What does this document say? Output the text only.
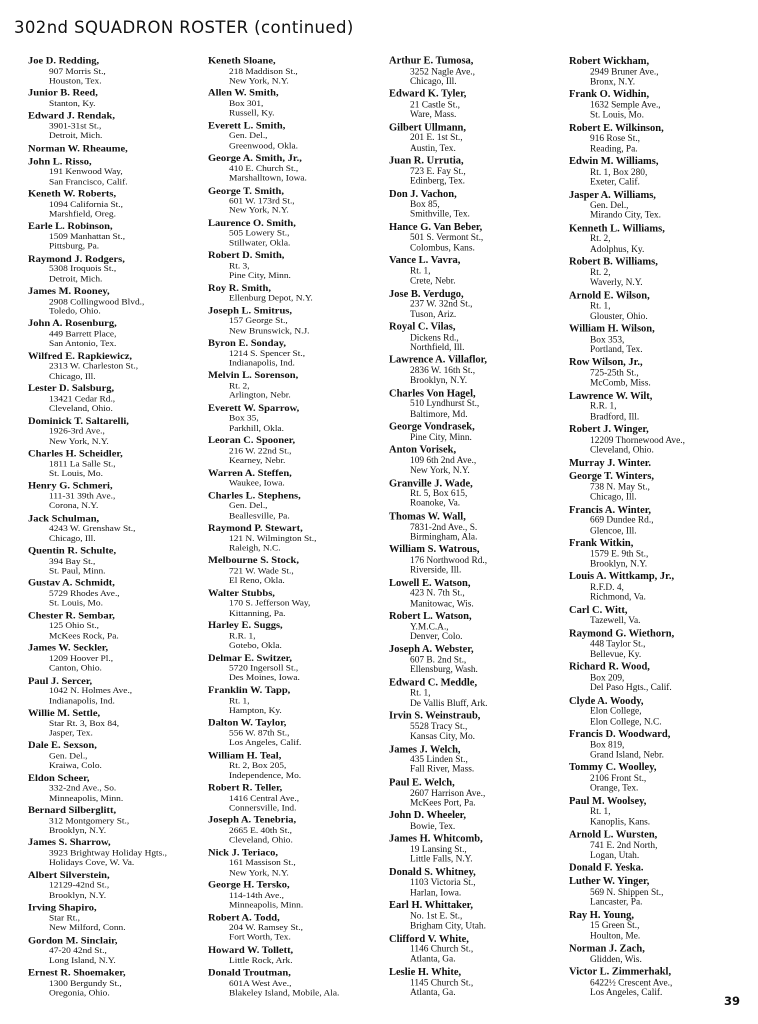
302nd SQUADRON ROSTER (continued)
Joe D. Redding,
907 Morris St.,
Houston, Tex.
Junior B. Reed,
Stanton, Ky.
Edward J. Rendak,
3901-31st St.,
Detroit, Mich.
Norman W. Rheaume,
John L. Risso,
191 Kenwood Way,
San Francisco, Calif.
Keneth W. Roberts,
1094 California St.,
Marshfield, Oreg.
Earle L. Robinson,
1509 Manhattan St.,
Pittsburg, Pa.
Raymond J. Rodgers,
5308 Iroquois St.,
Detroit, Mich.
James M. Rooney,
2908 Collingwood Blvd.,
Toledo, Ohio.
John A. Rosenburg,
449 Barrett Place,
San Antonio, Tex.
Wilfred E. Rapkiewicz,
2313 W. Charleston St.,
Chicago, Ill.
Lester D. Salsburg,
13421 Cedar Rd.,
Cleveland, Ohio.
Dominick T. Saltarelli,
1926-3rd Ave.,
New York, N.Y.
Charles H. Scheidler,
1811 La Salle St.,
St. Louis, Mo.
Henry G. Schmeri,
111-31 39th Ave.,
Corona, N.Y.
Jack Schulman,
4243 W. Grenshaw St.,
Chicago, Ill.
Quentin R. Schulte,
394 Bay St.,
St. Paul, Minn.
Gustav A. Schmidt,
5729 Rhodes Ave.,
St. Louis, Mo.
Chester R. Sembar,
125 Ohio St.,
McKees Rock, Pa.
James W. Seckler,
1209 Hoover Pl.,
Canton, Ohio.
Paul J. Sercer,
1042 N. Holmes Ave.,
Indianapolis, Ind.
Willie M. Settle,
Star Rt. 3, Box 84,
Jasper, Tex.
Dale E. Sexson,
Gen. Del.,
Kraiwa, Colo.
Eldon Scheer,
332-2nd Ave., So.
Minneapolis, Minn.
Bernard Silberglitt,
312 Montgomery St.,
Brooklyn, N.Y.
James S. Sharrow,
3923 Brightway Holiday Hgts.,
Holidays Cove, W. Va.
Albert Silverstein,
12129-42nd St.,
Brooklyn, N.Y.
Irving Shapiro,
Star Rt.,
New Milford, Conn.
Gordon M. Sinclair,
47-20 42nd St.,
Long Island, N.Y.
Ernest R. Shoemaker,
1300 Bergundy St.,
Oregonia, Ohio.
Keneth Sloane,
218 Maddison St.,
New York, N.Y.
Allen W. Smith,
Box 301,
Russell, Ky.
Everett L. Smith,
Gen. Del.,
Greenwood, Okla.
George A. Smith, Jr.,
410 E. Church St.,
Marshalltown, Iowa.
George T. Smith,
601 W. 173rd St.,
New York, N.Y.
Laurence O. Smith,
505 Lowery St.,
Stillwater, Okla.
Robert D. Smith,
Rt. 3,
Pine City, Minn.
Roy R. Smith,
Ellenburg Depot, N.Y.
Joseph L. Smitrus,
157 George St.,
New Brunswick, N.J.
Byron E. Sonday,
1214 S. Spencer St.,
Indianapolis, Ind.
Melvin L. Sorenson,
Rt. 2,
Arlington, Nebr.
Everett W. Sparrow,
Box 35,
Parkhill, Okla.
Leoran C. Spooner,
216 W. 22nd St.,
Kearney, Nebr.
Warren A. Steffen,
Waukee, Iowa.
Charles L. Stephens,
Gen. Del.,
Beallesville, Pa.
Raymond P. Stewart,
121 N. Wilmington St.,
Raleigh, N.C.
Melbourne S. Stock,
721 W. Wade St.,
El Reno, Okla.
Walter Stubbs,
170 S. Jefferson Way,
Kittanning, Pa.
Harley E. Suggs,
R.R. 1,
Gotebo, Okla.
Delmar E. Switzer,
5720 Ingersoll St.,
Des Moines, Iowa.
Franklin W. Tapp,
Rt. 1,
Hampton, Ky.
Dalton W. Taylor,
556 W. 87th St.,
Los Angeles, Calif.
William H. Teal,
Rt. 2, Box 205,
Independence, Mo.
Robert R. Teller,
1416 Central Ave.,
Connersville, Ind.
Joseph A. Tenebria,
2665 E. 40th St.,
Cleveland, Ohio.
Nick J. Teriaco,
161 Massison St.,
New York, N.Y.
George H. Tersko,
114-14th Ave.,
Minneapolis, Minn.
Robert A. Todd,
204 W. Ramsey St.,
Fort Worth, Tex.
Howard W. Tollett,
Little Rock, Ark.
Donald Troutman,
601A West Ave.,
Blakeley Island, Mobile, Ala.
Arthur E. Tumosa,
3252 Nagle Ave.,
Chicago, Ill.
Edward K. Tyler,
21 Castle St.,
Ware, Mass.
Gilbert Ullmann,
201 E. 1st St.,
Austin, Tex.
Juan R. Urrutia,
723 E. Fay St.,
Edinberg, Tex.
Don J. Vachon,
Box 85,
Smithville, Tex.
Hance G. Van Beber,
501 S. Vermont St.,
Colombus, Kans.
Vance L. Vavra,
Rt. 1,
Crete, Nebr.
Jose B. Verdugo,
237 W. 32nd St.,
Tuson, Ariz.
Royal C. Vilas,
Dickens Rd.,
Northfield, Ill.
Lawrence A. Villaflor,
2836 W. 16th St.,
Brooklyn, N.Y.
Charles Von Hagel,
510 Lyndhurst St.,
Baltimore, Md.
George Vondrasek,
Pine City, Minn.
Anton Vorisek,
109 6th 2nd Ave.,
New York, N.Y.
Granville J. Wade,
Rt. 5, Box 615,
Roanoke, Va.
Thomas W. Wall,
7831-2nd Ave., S.
Birmingham, Ala.
William S. Watrous,
176 Northwood Rd.,
Riverside, Ill.
Lowell E. Watson,
423 N. 7th St.,
Manitowac, Wis.
Robert L. Watson,
Y.M.C.A.,
Denver, Colo.
Joseph A. Webster,
607 B. 2nd St.,
Ellensburg, Wash.
Edward C. Meddle,
Rt. 1,
De Vallis Bluff, Ark.
Irvin S. Weinstraub,
5528 Tracy St.,
Kansas City, Mo.
James J. Welch,
435 Linden St.,
Fall River, Mass.
Paul E. Welch,
2607 Harrison Ave.,
McKees Port, Pa.
John D. Wheeler,
Bowie, Tex.
James H. Whitcomb,
19 Lansing St.,
Little Falls, N.Y.
Donald S. Whitney,
1103 Victoria St.,
Harlan, Iowa.
Earl H. Whittaker,
No. 1st E. St.,
Brigham City, Utah.
Clifford V. White,
1146 Church St.,
Atlanta, Ga.
Leslie H. White,
1145 Church St.,
Atlanta, Ga.
Robert Wickham,
2949 Bruner Ave.,
Bronx, N.Y.
Frank O. Widhin,
1632 Semple Ave.,
St. Louis, Mo.
Robert E. Wilkinson,
916 Rose St.,
Reading, Pa.
Edwin M. Williams,
Rt. 1, Box 280,
Exeter, Calif.
Jasper A. Williams,
Gen. Del.,
Mirando City, Tex.
Kenneth L. Williams,
Rt. 2,
Adolphus, Ky.
Robert B. Williams,
Rt. 2,
Waverly, N.Y.
Arnold E. Wilson,
Rt. 1,
Glouster, Ohio.
William H. Wilson,
Box 353,
Portland, Tex.
Row Wilson, Jr.,
725-25th St.,
McComb, Miss.
Lawrence W. Wilt,
R.R. 1,
Bradford, Ill.
Robert J. Winger,
12209 Thornewood Ave.,
Cleveland, Ohio.
Murray J. Winter.
George T. Winters,
738 N. May St.,
Chicago, Ill.
Francis A. Winter,
669 Dundee Rd.,
Glencoe, Ill.
Frank Witkin,
1579 E. 9th St.,
Brooklyn, N.Y.
Louis A. Wittkamp, Jr.,
R.F.D. 4,
Richmond, Va.
Carl C. Witt,
Tazewell, Va.
Raymond G. Wiethorn,
448 Taylor St.,
Bellevue, Ky.
Richard R. Wood,
Box 209,
Del Paso Hgts., Calif.
Clyde A. Woody,
Elon College,
Elon College, N.C.
Francis D. Woodward,
Box 819,
Grand Island, Nebr.
Tommy C. Woolley,
2106 Front St.,
Orange, Tex.
Paul M. Woolsey,
Rt. 1,
Kanoplis, Kans.
Arnold L. Wursten,
741 E. 2nd North,
Logan, Utah.
Donald F. Yeska.
Luther W. Yinger,
569 N. Shippen St.,
Lancaster, Pa.
Ray H. Young,
15 Green St.,
Houlton, Me.
Norman J. Zach,
Glidden, Wis.
Victor L. Zimmerhakl,
6422½ Crescent Ave.,
Los Angeles, Calif.
39
